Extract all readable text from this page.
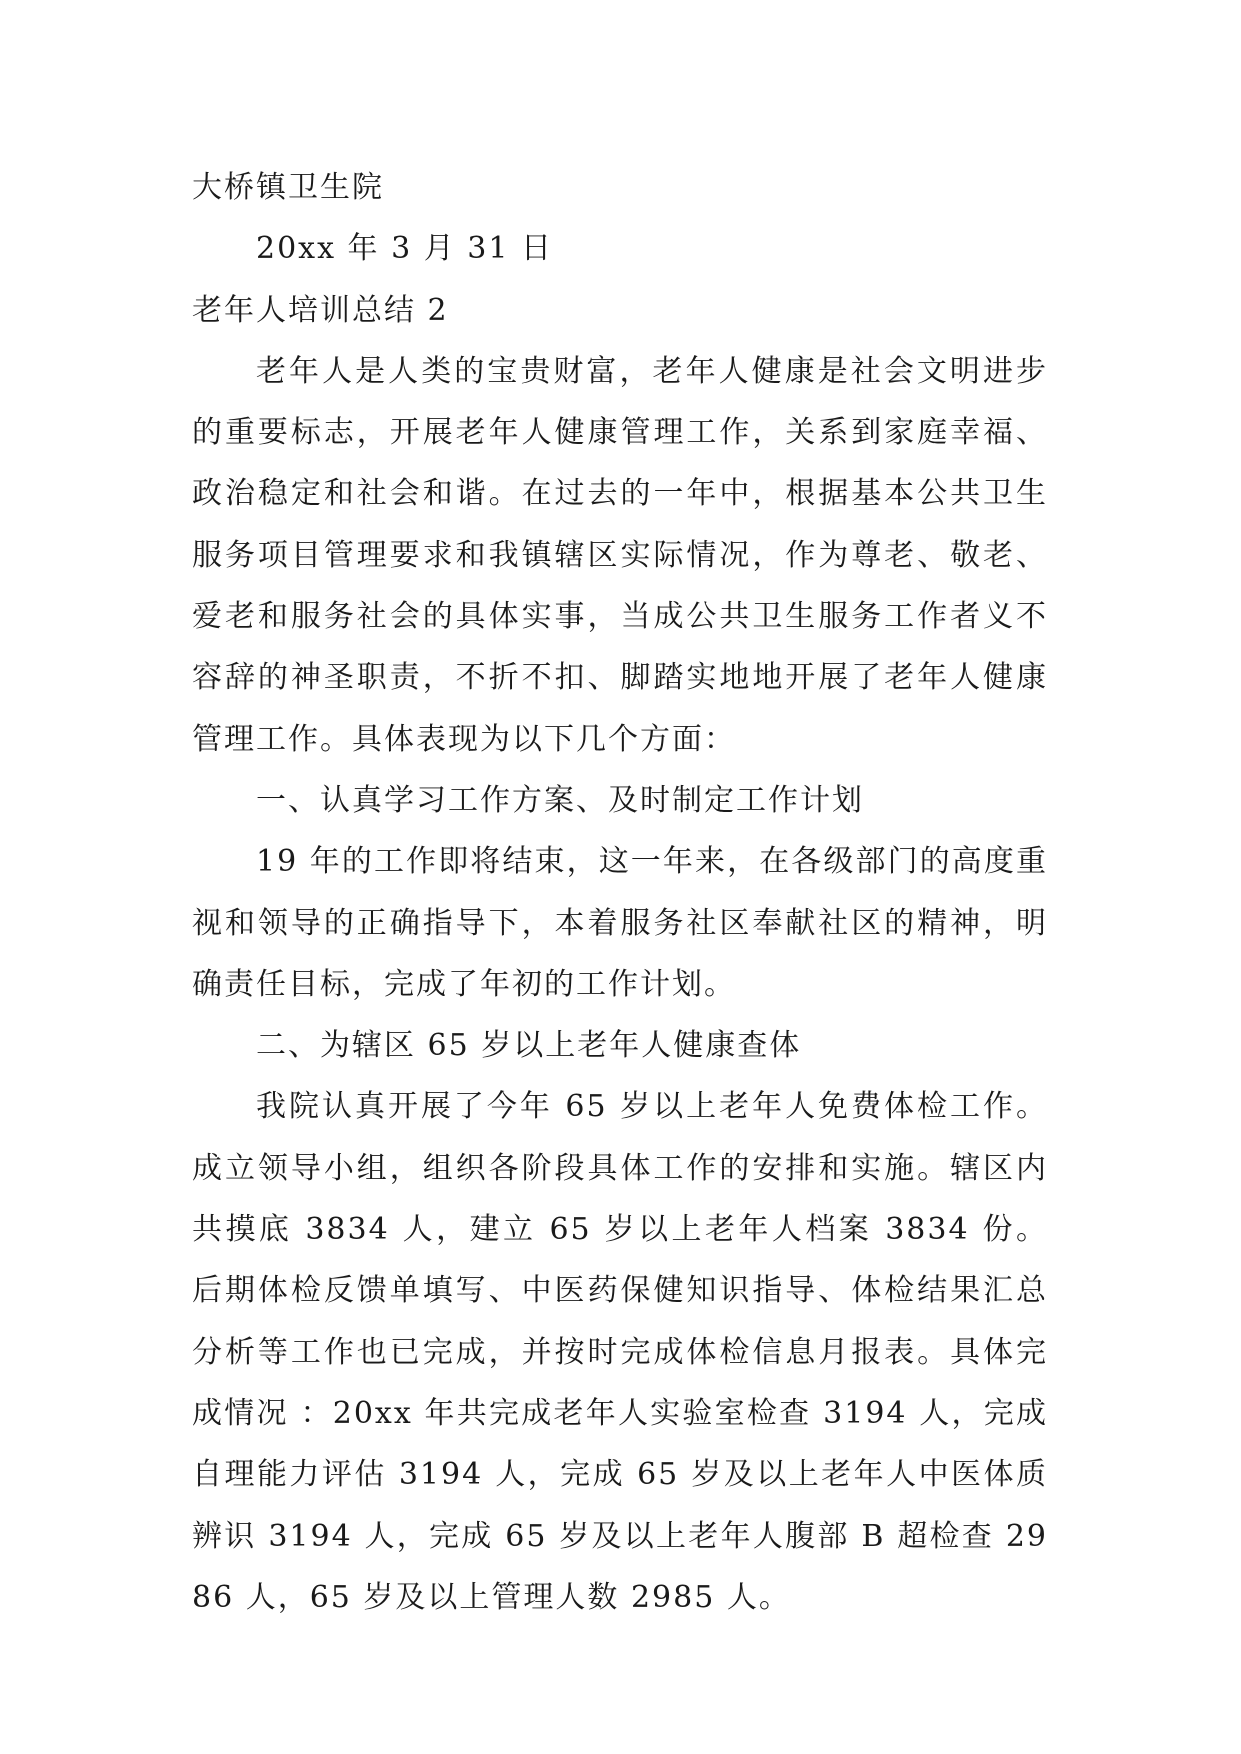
大桥镇卫生院

20xx 年 3 月 31 日

老年人培训总结 2

老年人是人类的宝贵财富，老年人健康是社会文明进步的重要标志，开展老年人健康管理工作，关系到家庭幸福、政治稳定和社会和谐。在过去的一年中，根据基本公共卫生服务项目管理要求和我镇辖区实际情况，作为尊老、敬老、爱老和服务社会的具体实事，当成公共卫生服务工作者义不容辞的神圣职责，不折不扣、脚踏实地地开展了老年人健康管理工作。具体表现为以下几个方面：

一、认真学习工作方案、及时制定工作计划

19 年的工作即将结束，这一年来，在各级部门的高度重视和领导的正确指导下，本着服务社区奉献社区的精神，明确责任目标，完成了年初的工作计划。

二、为辖区 65 岁以上老年人健康查体

我院认真开展了今年 65 岁以上老年人免费体检工作。成立领导小组，组织各阶段具体工作的安排和实施。辖区内共摸底 3834 人，建立 65 岁以上老年人档案 3834 份。后期体检反馈单填写、中医药保健知识指导、体检结果汇总分析等工作也已完成，并按时完成体检信息月报表。具体完成情况 ：20xx 年共完成老年人实验室检查 3194 人，完成自理能力评估 3194 人，完成 65 岁及以上老年人中医体质辨识 3194 人，完成 65 岁及以上老年人腹部 B 超检查 2986 人，65 岁及以上管理人数 2985 人。
